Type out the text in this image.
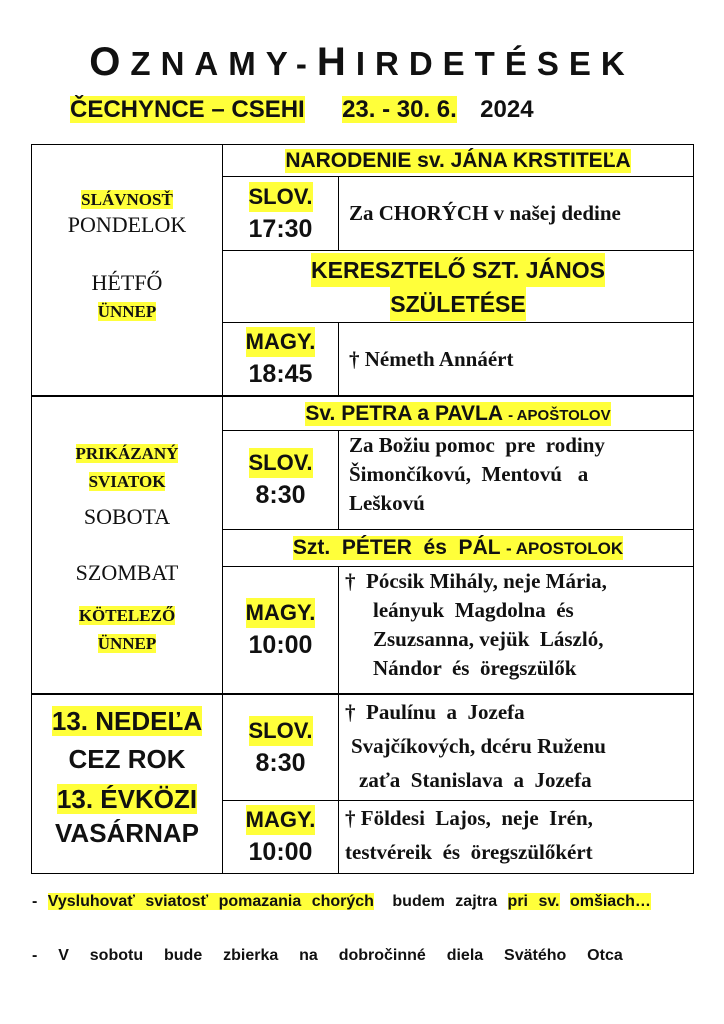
OZNAMY-HIRDETÉSEK
ČECHYNCE – CSEHI 23. - 30. 6. 2024
SLÁVNOSŤ
PONDELOK
HÉTFŐ
ÜNNEP
NARODENIE sv. JÁNA KRSTITEĽA
SLOV.
17:30
Za CHORÝCH v našej dedine
KERESZTELŐ SZT. JÁNOS
SZÜLETÉSE
MAGY.
18:45
† Németh Annáért
PRIKÁZANÝ
SVIATOK
SOBOTA
SZOMBAT
KÖTELEZŐ
ÜNNEP
Sv. PETRA a PAVLA - APOŠTOLOV
SLOV.
8:30
Za Božiu pomoc  pre  rodiny
Šimončíkovú,  Mentovú   a
Leškovú
Szt.  PÉTER  és  PÁL - APOSTOLOK
MAGY.
10:00
†  Pócsik Mihály, neje Mária,
leányuk  Magdolna  és
Zsuzsanna, vejük  László,
Nándor  és  öregszülők
13. NEDEĽA
CEZ ROK
13. ÉVKÖZI
VASÁRNAP
SLOV.
8:30
†  Paulínu  a  Jozefa
Svajčíkových, dcéru Ruženu
zaťa  Stanislava  a  Jozefa
MAGY.
10:00
† Földesi  Lajos,  neje  Irén,
testvéreik  és  öregszülőkért
- Vysluhovať sviatosť pomazania chorých budem zajtra pri sv. omšiach…
-  V  sobotu  bude  zbierka  na  dobročinné  diela  Svätého  Otca
